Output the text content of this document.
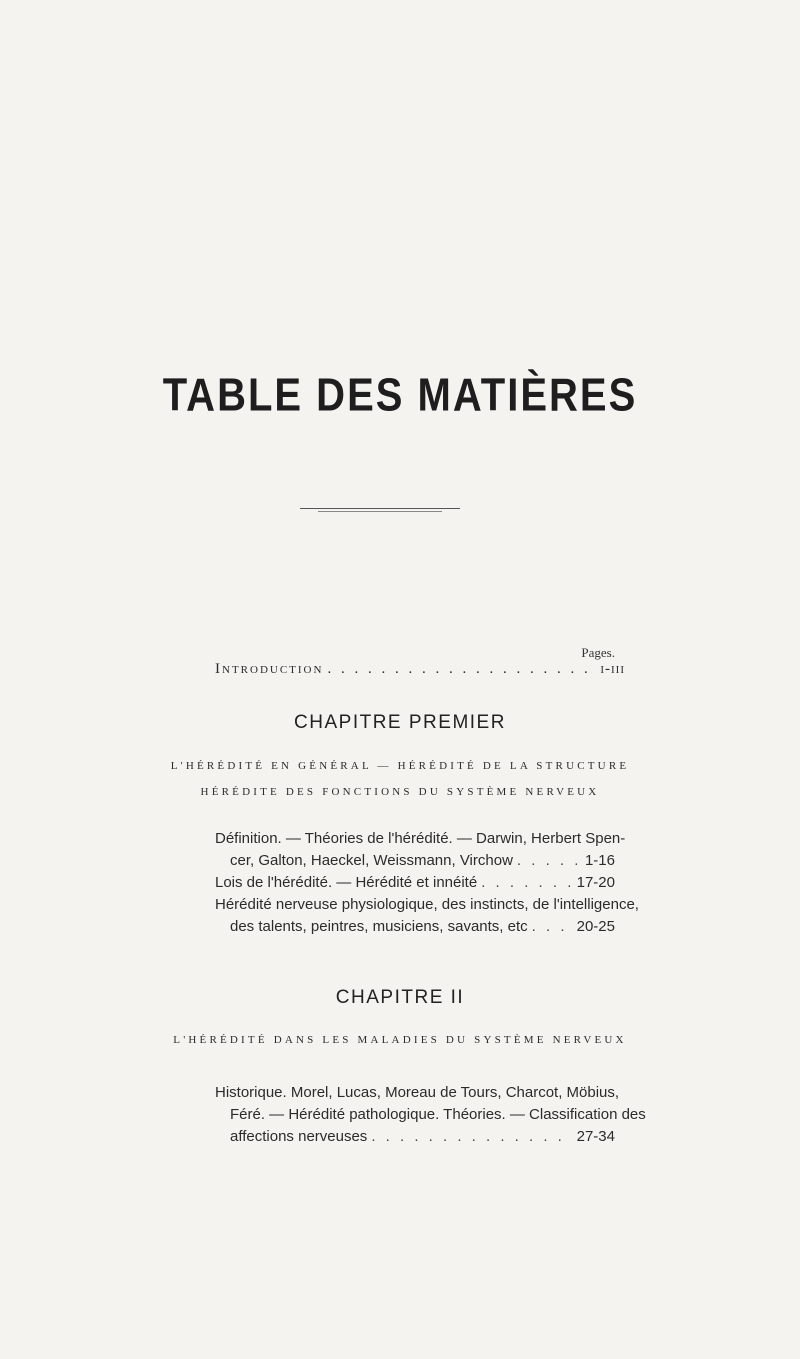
TABLE DES MATIÈRES
Pages.
Introduction . . .	i-iii
CHAPITRE PREMIER
L'HÉRÉDITÉ EN GÉNÉRAL — HÉRÉDITÉ DE LA STRUCTURE
HÉRÉDITE DES FONCTIONS DU SYSTÈME NERVEUX
Définition. — Théories de l'hérédité. — Darwin, Herbert Spen-
cer, Galton, Haeckel, Weissmann, Virchow . . .	1-16
Lois de l'hérédité. — Hérédité et innéité . . .	17-20
Hérédité nerveuse physiologique, des instincts, de l'intelligence,
des talents, peintres, musiciens, savants, etc . . .	20-25
CHAPITRE II
L'HÉRÉDITÉ DANS LES MALADIES DU SYSTÈME NERVEUX
Historique. Morel, Lucas, Moreau de Tours, Charcot, Möbius,
Féré. — Hérédité pathologique. Théories. — Classification des
affections nerveuses . . .	27-34
